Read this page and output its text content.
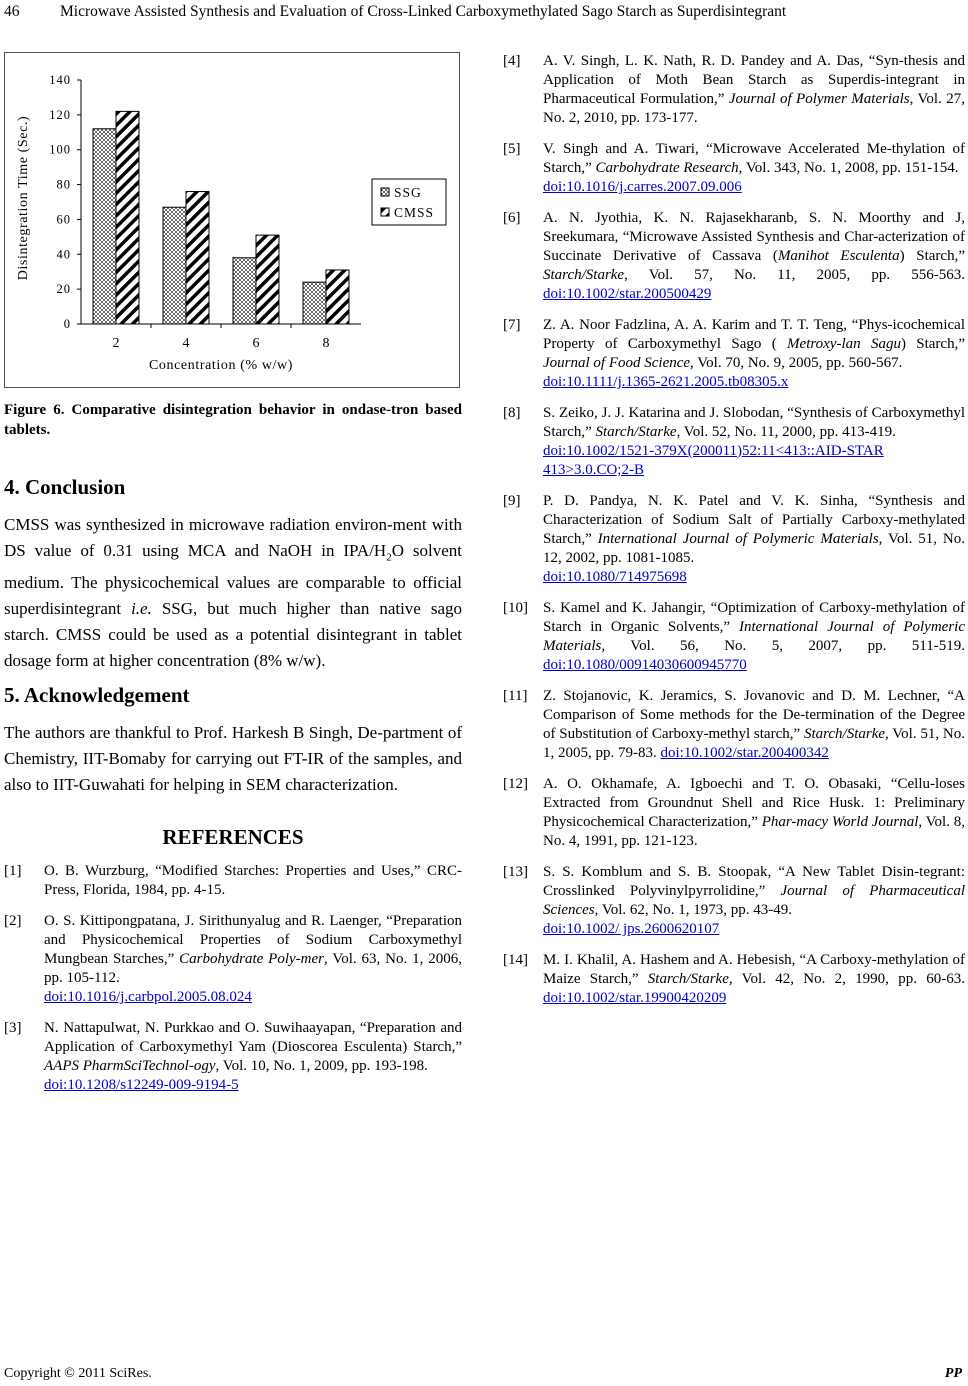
46	Microwave Assisted Synthesis and Evaluation of Cross-Linked Carboxymethylated Sago Starch as Superdisintegrant
0
20
40
60
80
100
120
140
2	4	6	8
Concentration (% w/w)
Disintegration Time (Sec.)	SSG
CMSS
Figure 6. Comparative disintegration behavior in ondase-tron based tablets.
4. Conclusion

CMSS was synthesized in microwave radiation environ-ment with DS value of 0.31 using MCA and NaOH in IPA/$H_2O$ solvent medium. The physicochemical values are comparable to official superdisintegrant i.e. SSG, but much higher than native sago starch. CMSS could be used as a potential disintegrant in tablet dosage form at higher concentration (8% w/w).

5. Acknowledgement

The authors are thankful to Prof. Harkesh B Singh, De-partment of Chemistry, IIT-Bomaby for carrying out FT-IR of the samples, and also to IIT-Guwahati for helping in SEM characterization.

REFERENCES
[1] O. B. Wurzburg, “Modified Starches: Properties and Uses,” CRC-Press, Florida, 1984, pp. 4-15.
[2] O. S. Kittipongpatana, J. Sirithunyalug and R. Laenger, “Preparation and Physicochemical Properties of Sodium Carboxymethyl Mungbean Starches,” Carbohydrate Poly-mer, Vol. 63, No. 1, 2006, pp. 105-112.
doi:10.1016/j.carbpol.2005.08.024
[3] N. Nattapulwat, N. Purkkao and O. Suwihaayapan, “Preparation and Application of Carboxymethyl Yam (Dioscorea Esculenta) Starch,” AAPS PharmSciTechnol-ogy, Vol. 10, No. 1, 2009, pp. 193-198.
doi:10.1208/s12249-009-9194-5
[4] A. V. Singh, L. K. Nath, R. D. Pandey and A. Das, “Syn-thesis and Application of Moth Bean Starch as Superdis-integrant in Pharmaceutical Formulation,” Journal of Polymer Materials, Vol. 27, No. 2, 2010, pp. 173-177.
[5] V. Singh and A. Tiwari, “Microwave Accelerated Me-thylation of Starch,” Carbohydrate Research, Vol. 343, No. 1, 2008, pp. 151-154.
doi:10.1016/j.carres.2007.09.006
[6] A. N. Jyothia, K. N. Rajasekharanb, S. N. Moorthy and J, Sreekumara, “Microwave Assisted Synthesis and Char-acterization of Succinate Derivative of Cassava (Manihot Esculenta) Starch,” Starch/Starke, Vol. 57, No. 11, 2005, pp. 556-563. doi:10.1002/star.200500429
[7] Z. A. Noor Fadzlina, A. A. Karim and T. T. Teng, “Phys-icochemical Property of Carboxymethyl Sago ( Metroxy-lan Sagu) Starch,” Journal of Food Science, Vol. 70, No. 9, 2005, pp. 560-567.
doi:10.1111/j.1365-2621.2005.tb08305.x
[8] S. Zeiko, J. J. Katarina and J. Slobodan, “Synthesis of Carboxymethyl Starch,” Starch/Starke, Vol. 52, No. 11, 2000, pp. 413-419.
doi:10.1002/1521-379X(200011)52:11<413::AID-STAR 413>3.0.CO;2-B
[9] P. D. Pandya, N. K. Patel and V. K. Sinha, “Synthesis and Characterization of Sodium Salt of Partially Carboxy-methylated Starch,” International Journal of Polymeric Materials, Vol. 51, No. 12, 2002, pp. 1081-1085.
doi:10.1080/714975698
[10] S. Kamel and K. Jahangir, “Optimization of Carboxy-methylation of Starch in Organic Solvents,” International Journal of Polymeric Materials, Vol. 56, No. 5, 2007, pp. 511-519. doi:10.1080/00914030600945770
[11] Z. Stojanovic, K. Jeramics, S. Jovanovic and D. M. Lechner, “A Comparison of Some methods for the De-termination of the Degree of Substitution of Carboxy-methyl starch,” Starch/Starke, Vol. 51, No. 1, 2005, pp. 79-83. doi:10.1002/star.200400342
[12] A. O. Okhamafe, A. Igboechi and T. O. Obasaki, “Cellu-loses Extracted from Groundnut Shell and Rice Husk. 1: Preliminary Physicochemical Characterization,” Phar-macy World Journal, Vol. 8, No. 4, 1991, pp. 121-123.
[13] S. S. Komblum and S. B. Stoopak, “A New Tablet Disin-tegrant: Crosslinked Polyvinylpyrrolidine,” Journal of Pharmaceutical Sciences, Vol. 62, No. 1, 1973, pp. 43-49.
doi:10.1002/ jps.2600620107
[14] M. I. Khalil, A. Hashem and A. Hebesish, “A Carboxy-methylation of Maize Starch,” Starch/Starke, Vol. 42, No. 2, 1990, pp. 60-63. doi:10.1002/star.19900420209
Copyright © 2011 SciRes.	PP
